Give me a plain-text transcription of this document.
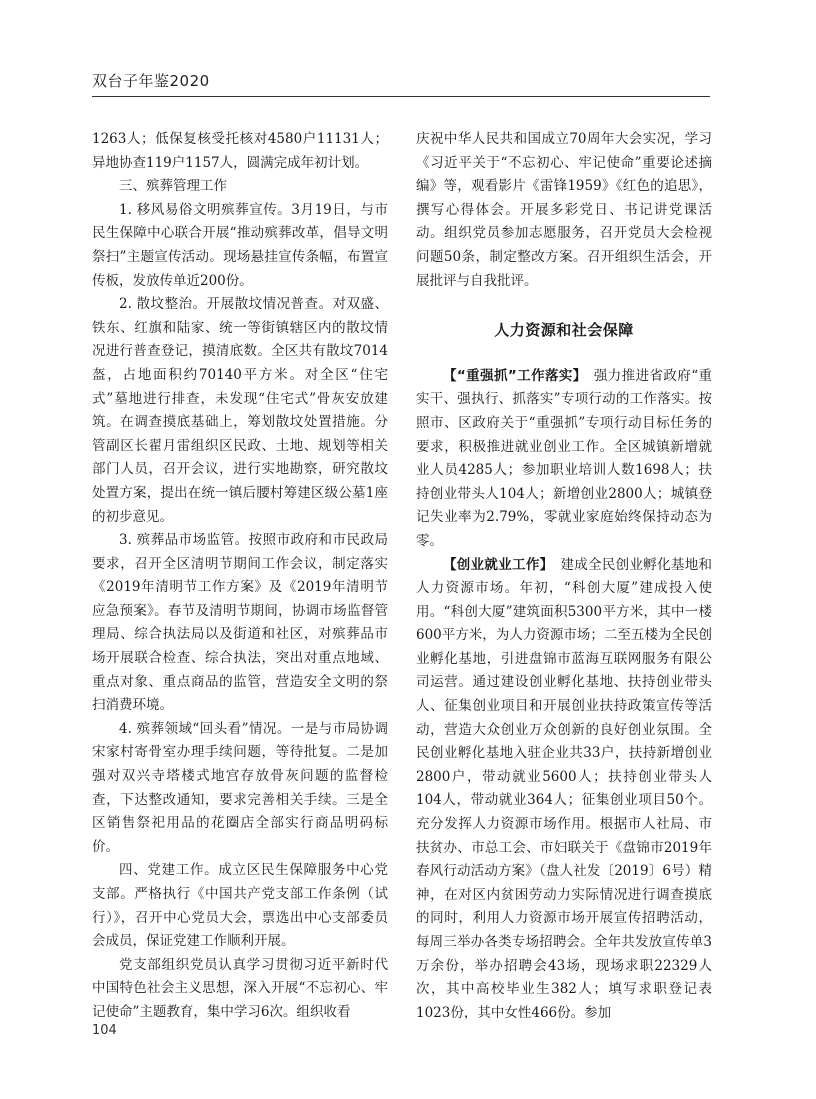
双台子年鉴2020

1263人；低保复核受托核对4580户11131人；异地协查119户1157人，圆满完成年初计划。

三、殡葬管理工作

1. 移风易俗文明殡葬宣传。3月19日，与市民生保障中心联合开展“推动殡葬改革，倡导文明祭扫”主题宣传活动。现场悬挂宣传条幅，布置宣传板，发放传单近200份。

2. 散坟整治。开展散坟情况普查。对双盛、铁东、红旗和陆家、统一等街镇辖区内的散坟情况进行普查登记，摸清底数。全区共有散坟7014盔，占地面积约70140平方米。对全区“住宅式”墓地进行排查，未发现“住宅式”骨灰安放建筑。在调查摸底基础上，筹划散坟处置措施。分管副区长翟月雷组织区民政、土地、规划等相关部门人员，召开会议，进行实地勘察，研究散坟处置方案，提出在统一镇后腰村筹建区级公墓1座的初步意见。

3. 殡葬品市场监管。按照市政府和市民政局要求，召开全区清明节期间工作会议，制定落实《2019年清明节工作方案》及《2019年清明节应急预案》。春节及清明节期间，协调市场监督管理局、综合执法局以及街道和社区，对殡葬品市场开展联合检查、综合执法，突出对重点地域、重点对象、重点商品的监管，营造安全文明的祭扫消费环境。

4. 殡葬领域“回头看”情况。一是与市局协调宋家村寄骨室办理手续问题，等待批复。二是加强对双兴寺塔楼式地宫存放骨灰问题的监督检查，下达整改通知，要求完善相关手续。三是全区销售祭祀用品的花圈店全部实行商品明码标价。

四、党建工作。成立区民生保障服务中心党支部。严格执行《中国共产党支部工作条例（试行）》，召开中心党员大会，票选出中心支部委员会成员，保证党建工作顺利开展。

党支部组织党员认真学习贯彻习近平新时代中国特色社会主义思想，深入开展“不忘初心、牢记使命”主题教育，集中学习6次。组织收看

庆祝中华人民共和国成立70周年大会实况，学习《习近平关于“不忘初心、牢记使命”重要论述摘编》等，观看影片《雷锋1959》《红色的追思》，撰写心得体会。开展多彩党日、书记讲党课活动。组织党员参加志愿服务，召开党员大会检视问题50条，制定整改方案。召开组织生活会，开展批评与自我批评。

人力资源和社会保障

【“重强抓”工作落实】  强力推进省政府“重实干、强执行、抓落实”专项行动的工作落实。按照市、区政府关于“重强抓”专项行动目标任务的要求，积极推进就业创业工作。全区城镇新增就业人员4285人；参加职业培训人数1698人；扶持创业带头人104人；新增创业2800人；城镇登记失业率为2.79%，零就业家庭始终保持动态为零。

【创业就业工作】  建成全民创业孵化基地和人力资源市场。年初，“科创大厦”建成投入使用。“科创大厦”建筑面积5300平方米，其中一楼600平方米，为人力资源市场；二至五楼为全民创业孵化基地，引进盘锦市蓝海互联网服务有限公司运营。通过建设创业孵化基地、扶持创业带头人、征集创业项目和开展创业扶持政策宣传等活动，营造大众创业万众创新的良好创业氛围。全民创业孵化基地入驻企业共33户，扶持新增创业2800户，带动就业5600人；扶持创业带头人104人，带动就业364人；征集创业项目50个。充分发挥人力资源市场作用。根据市人社局、市扶贫办、市总工会、市妇联关于《盘锦市2019年春风行动活动方案》（盘人社发〔2019〕6号）精神，在对区内贫困劳动力实际情况进行调查摸底的同时，利用人力资源市场开展宣传招聘活动，每周三举办各类专场招聘会。全年共发放宣传单3万余份，举办招聘会43场，现场求职22329人次，其中高校毕业生382人；填写求职登记表1023份，其中女性466份。参加

104
